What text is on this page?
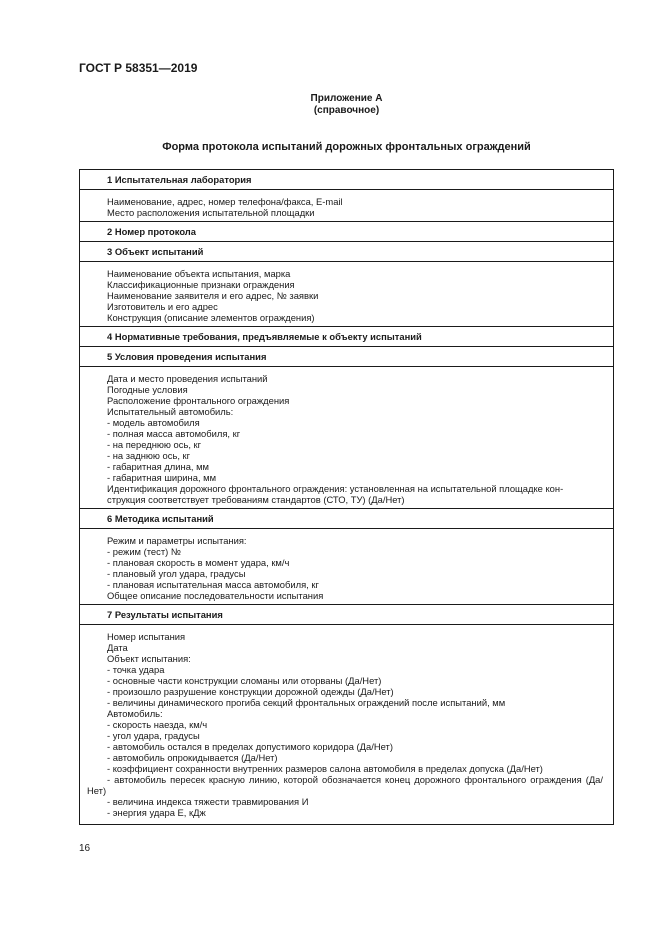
ГОСТ Р 58351—2019
Приложение А
(справочное)
Форма протокола испытаний дорожных фронтальных ограждений
1 Испытательная лаборатория
Наименование, адрес, номер телефона/факса, E-mail
Место расположения испытательной площадки
2 Номер протокола
3 Объект испытаний
Наименование объекта испытания, марка
Классификационные признаки ограждения
Наименование заявителя и его адрес, № заявки
Изготовитель и его адрес
Конструкция (описание элементов ограждения)
4 Нормативные требования, предъявляемые к объекту испытаний
5 Условия проведения испытания
Дата и место проведения испытаний
Погодные условия
Расположение фронтального ограждения
Испытательный автомобиль:
- модель автомобиля
- полная масса автомобиля, кг
- на переднюю ось, кг
- на заднюю ось, кг
- габаритная длина, мм
- габаритная ширина, мм
Идентификация дорожного фронтального ограждения: установленная на испытательной площадке кон-
струкция соответствует требованиям стандартов (СТО, ТУ) (Да/Нет)
6 Методика испытаний
Режим и параметры испытания:
- режим (тест) №
- плановая скорость в момент удара, км/ч
- плановый угол удара, градусы
- плановая испытательная масса автомобиля, кг
Общее описание последовательности испытания
7 Результаты испытания
Номер испытания
Дата
Объект испытания:
- точка удара
- основные части конструкции сломаны или оторваны (Да/Нет)
- произошло разрушение конструкции дорожной одежды (Да/Нет)
- величины динамического прогиба секций фронтальных ограждений после испытаний, мм
Автомобиль:
- скорость наезда, км/ч
- угол удара, градусы
- автомобиль остался в пределах допустимого коридора (Да/Нет)
- автомобиль опрокидывается (Да/Нет)
- коэффициент сохранности внутренних размеров салона автомобиля в пределах допуска (Да/Нет)
- автомобиль пересек красную линию, которой обозначается конец дорожного фронтального ограждения (Да/Нет)
- величина индекса тяжести травмирования И
- энергия удара Е, кДж
16
